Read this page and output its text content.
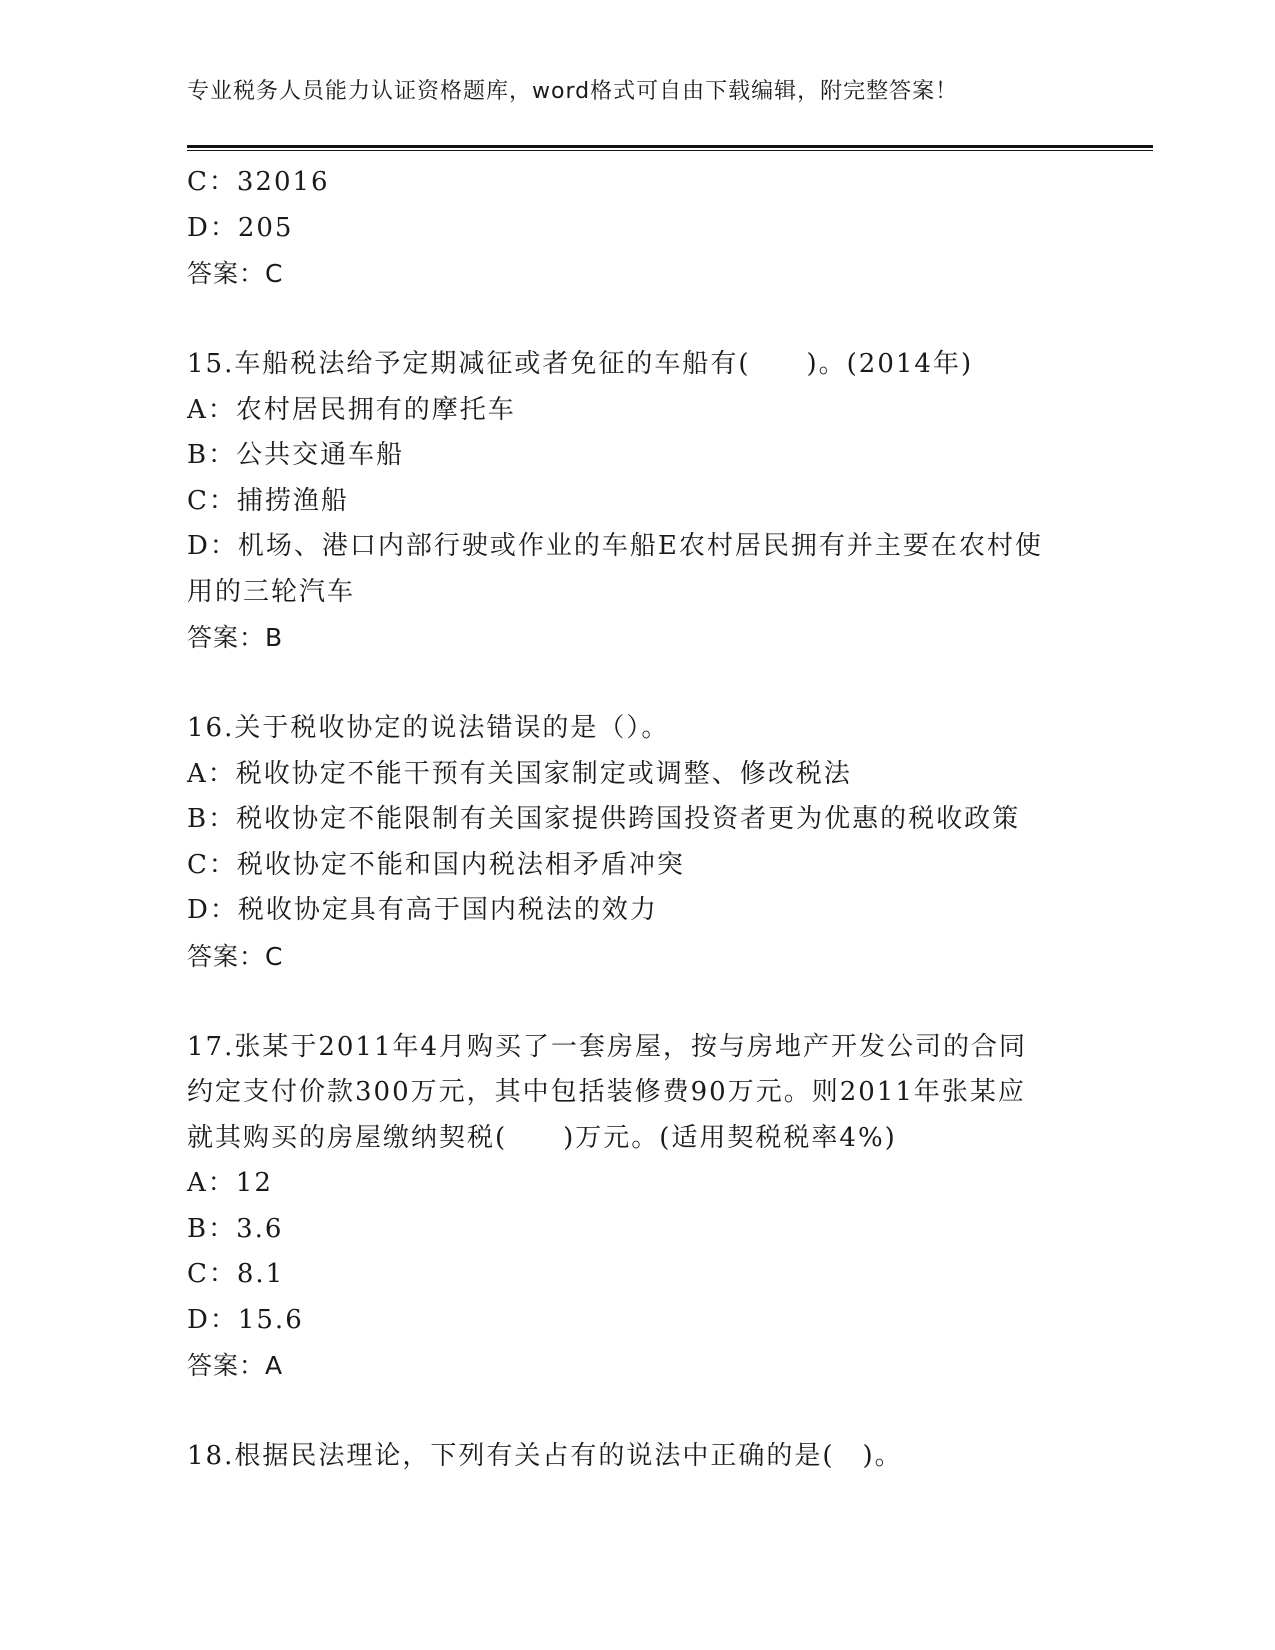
专业税务人员能力认证资格题库，word格式可自由下载编辑，附完整答案！
C：32016
D：205
答案：C
15.车船税法给予定期减征或者免征的车船有(　　)。(2014年)
A：农村居民拥有的摩托车
B：公共交通车船
C：捕捞渔船
D：机场、港口内部行驶或作业的车船E农村居民拥有并主要在农村使
用的三轮汽车
答案：B
16.关于税收协定的说法错误的是（）。
A：税收协定不能干预有关国家制定或调整、修改税法
B：税收协定不能限制有关国家提供跨国投资者更为优惠的税收政策
C：税收协定不能和国内税法相矛盾冲突
D：税收协定具有高于国内税法的效力
答案：C
17.张某于2011年4月购买了一套房屋，按与房地产开发公司的合同
约定支付价款300万元，其中包括装修费90万元。则2011年张某应
就其购买的房屋缴纳契税(　　)万元。(适用契税税率4%)
A：12
B：3.6
C：8.1
D：15.6
答案：A
18.根据民法理论，下列有关占有的说法中正确的是(　)。
